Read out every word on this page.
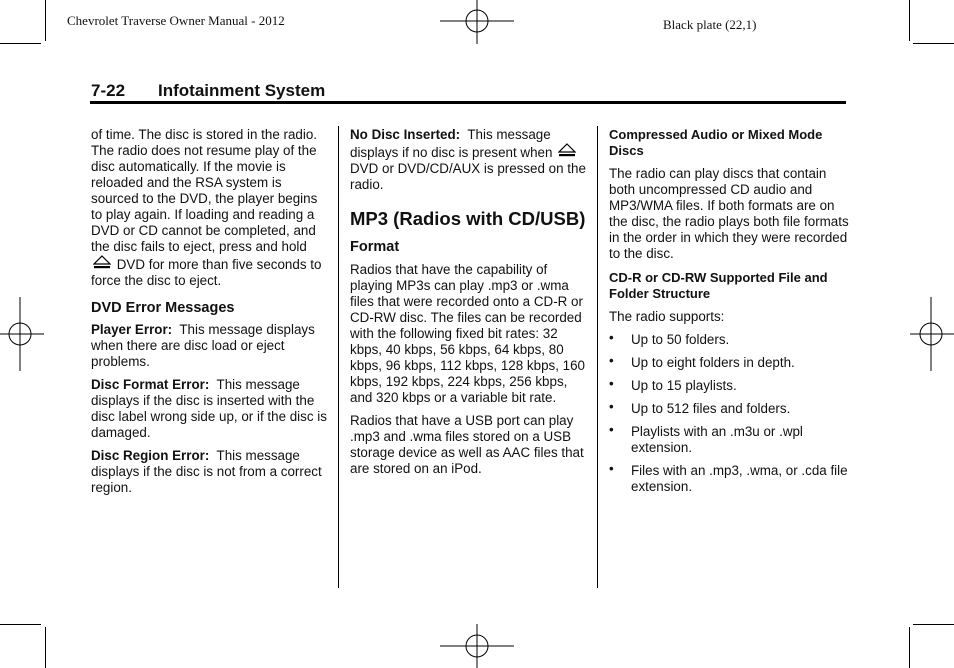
Chevrolet Traverse Owner Manual - 2012	Black plate (22,1)
7-22 Infotainment System

of time. The disc is stored in the radio. The radio does not resume play of the disc automatically. If the movie is reloaded and the RSA system is sourced to the DVD, the player begins to play again. If loading and reading a DVD or CD cannot be completed, and the disc fails to eject, press and hold  DVD for more than five seconds to force the disc to eject.

DVD Error Messages

Player Error: This message displays when there are disc load or eject problems.

Disc Format Error: This message displays if the disc is inserted with the disc label wrong side up, or if the disc is damaged.

Disc Region Error: This message displays if the disc is not from a correct region.

No Disc Inserted: This message displays if no disc is present when  DVD or DVD/CD/AUX is pressed on the radio.

MP3 (Radios with CD/USB)
Format

Radios that have the capability of playing MP3s can play .mp3 or .wma files that were recorded onto a CD-R or CD-RW disc. The files can be recorded with the following fixed bit rates: 32 kbps, 40 kbps, 56 kbps, 64 kbps, 80 kbps, 96 kbps, 112 kbps, 128 kbps, 160 kbps, 192 kbps, 224 kbps, 256 kbps, and 320 kbps or a variable bit rate.

Radios that have a USB port can play .mp3 and .wma files stored on a USB storage device as well as AAC files that are stored on an iPod.

Compressed Audio or Mixed Mode Discs

The radio can play discs that contain both uncompressed CD audio and MP3/WMA files. If both formats are on the disc, the radio plays both file formats in the order in which they were recorded to the disc.

CD-R or CD-RW Supported File and Folder Structure

The radio supports:

• Up to 50 folders.
• Up to eight folders in depth.
• Up to 15 playlists.
• Up to 512 files and folders.
• Playlists with an .m3u or .wpl extension.
• Files with an .mp3, .wma, or .cda file extension.
